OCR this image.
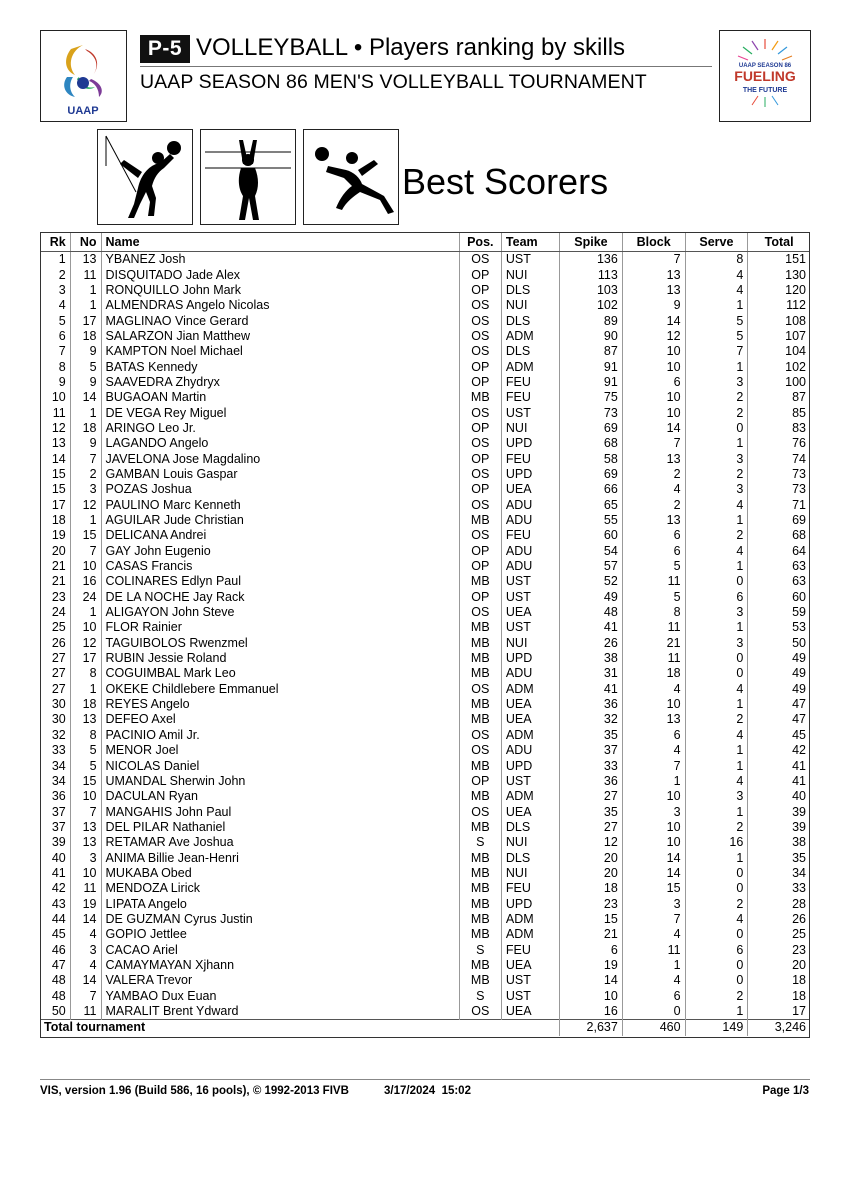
UAAP
P-5 VOLLEYBALL • Players ranking by skills
UAAP SEASON 86 MEN'S VOLLEYBALL TOURNAMENT
UAAP SEASON 86
FUELING
THE FUTURE
Best Scorers
Rk	No	Name	Pos.	Team	Spike	Block	Serve	Total
1	13	YBANEZ Josh	OS	UST	136	7	8	151
2	11	DISQUITADO Jade Alex	OP	NUI	113	13	4	130
3	1	RONQUILLO John Mark	OP	DLS	103	13	4	120
4	1	ALMENDRAS Angelo Nicolas	OS	NUI	102	9	1	112
5	17	MAGLINAO Vince Gerard	OS	DLS	89	14	5	108
6	18	SALARZON Jian Matthew	OS	ADM	90	12	5	107
7	9	KAMPTON Noel Michael	OS	DLS	87	10	7	104
8	5	BATAS Kennedy	OP	ADM	91	10	1	102
9	9	SAAVEDRA Zhydryx	OP	FEU	91	6	3	100
10	14	BUGAOAN Martin	MB	FEU	75	10	2	87
11	1	DE VEGA Rey Miguel	OS	UST	73	10	2	85
12	18	ARINGO Leo Jr.	OP	NUI	69	14	0	83
13	9	LAGANDO Angelo	OS	UPD	68	7	1	76
14	7	JAVELONA Jose Magdalino	OP	FEU	58	13	3	74
15	2	GAMBAN Louis Gaspar	OS	UPD	69	2	2	73
15	3	POZAS Joshua	OP	UEA	66	4	3	73
17	12	PAULINO Marc Kenneth	OS	ADU	65	2	4	71
18	1	AGUILAR Jude Christian	MB	ADU	55	13	1	69
19	15	DELICANA Andrei	OS	FEU	60	6	2	68
20	7	GAY John Eugenio	OP	ADU	54	6	4	64
21	10	CASAS Francis	OP	ADU	57	5	1	63
21	16	COLINARES Edlyn Paul	MB	UST	52	11	0	63
23	24	DE LA NOCHE Jay Rack	OP	UST	49	5	6	60
24	1	ALIGAYON John Steve	OS	UEA	48	8	3	59
25	10	FLOR Rainier	MB	UST	41	11	1	53
26	12	TAGUIBOLOS Rwenzmel	MB	NUI	26	21	3	50
27	17	RUBIN Jessie Roland	MB	UPD	38	11	0	49
27	8	COGUIMBAL Mark Leo	MB	ADU	31	18	0	49
27	1	OKEKE Childlebere Emmanuel	OS	ADM	41	4	4	49
30	18	REYES Angelo	MB	UEA	36	10	1	47
30	13	DEFEO Axel	MB	UEA	32	13	2	47
32	8	PACINIO Amil Jr.	OS	ADM	35	6	4	45
33	5	MENOR Joel	OS	ADU	37	4	1	42
34	5	NICOLAS Daniel	MB	UPD	33	7	1	41
34	15	UMANDAL Sherwin John	OP	UST	36	1	4	41
36	10	DACULAN Ryan	MB	ADM	27	10	3	40
37	7	MANGAHIS John Paul	OS	UEA	35	3	1	39
37	13	DEL PILAR Nathaniel	MB	DLS	27	10	2	39
39	13	RETAMAR Ave Joshua	S	NUI	12	10	16	38
40	3	ANIMA Billie Jean-Henri	MB	DLS	20	14	1	35
41	10	MUKABA Obed	MB	NUI	20	14	0	34
42	11	MENDOZA Lirick	MB	FEU	18	15	0	33
43	19	LIPATA Angelo	MB	UPD	23	3	2	28
44	14	DE GUZMAN Cyrus Justin	MB	ADM	15	7	4	26
45	4	GOPIO Jettlee	MB	ADM	21	4	0	25
46	3	CACAO Ariel	S	FEU	6	11	6	23
47	4	CAMAYMAYAN Xjhann	MB	UEA	19	1	0	20
48	14	VALERA Trevor	MB	UST	14	4	0	18
48	7	YAMBAO Dux Euan	S	UST	10	6	2	18
50	11	MARALIT Brent Ydward	OS	UEA	16	0	1	17
Total tournament					2,637	460	149	3,246
VIS, version 1.96 (Build 586, 16 pools), © 1992-2013 FIVB	3/17/2024 15:02	Page 1/3
